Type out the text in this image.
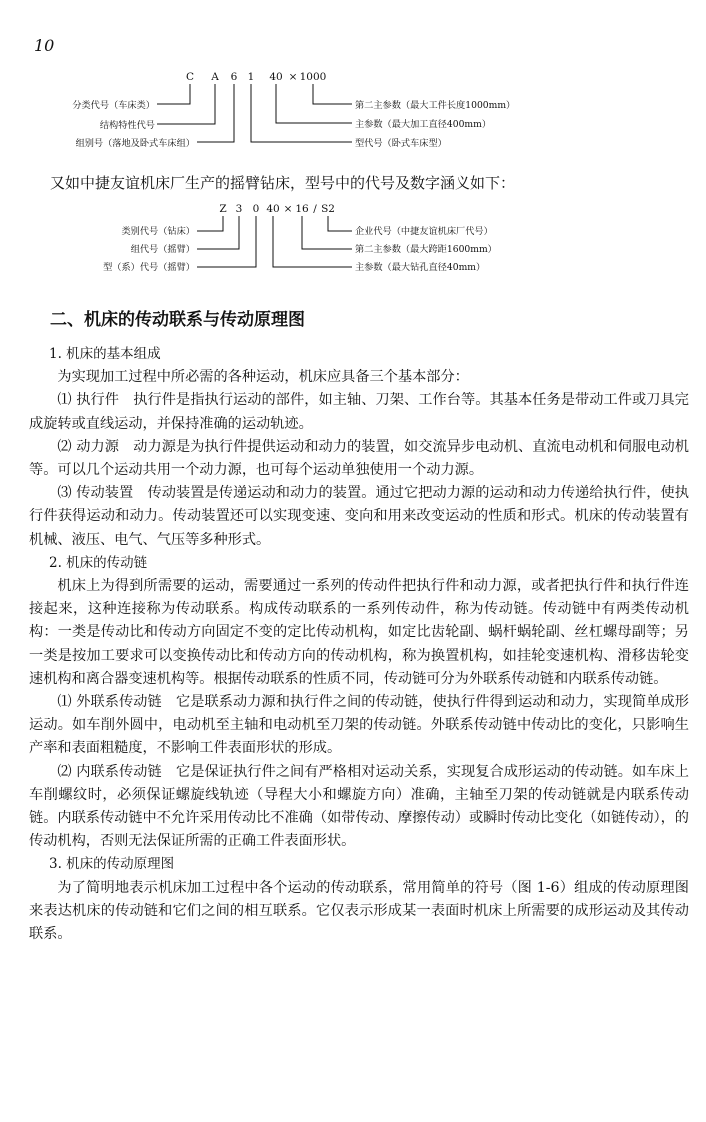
10
C A 6 1 40 × 1000
分类代号（车床类）
结构特性代号
组别号（落地及卧式车床组）
第二主参数（最大工件长度1000mm）
主参数（最大加工直径400mm）
型代号（卧式车床型）
又如中捷友谊机床厂生产的摇臂钻床，型号中的代号及数字涵义如下：
Z 3 0 40 × 16 / S2
类别代号（钻床）
组代号（摇臂）
型（系）代号（摇臂）
企业代号（中捷友谊机床厂代号）
第二主参数（最大跨距1600mm）
主参数（最大钻孔直径40mm）
二、机床的传动联系与传动原理图

1. 机床的基本组成

为实现加工过程中所必需的各种运动，机床应具备三个基本部分：

⑴ 执行件　执行件是指执行运动的部件，如主轴、刀架、工作台等。其基本任务是带动工件或刀具完成旋转或直线运动，并保持准确的运动轨迹。

⑵ 动力源　动力源是为执行件提供运动和动力的装置，如交流异步电动机、直流电动机和伺服电动机等。可以几个运动共用一个动力源，也可每个运动单独使用一个动力源。

⑶ 传动装置　传动装置是传递运动和动力的装置。通过它把动力源的运动和动力传递给执行件，使执行件获得运动和动力。传动装置还可以实现变速、变向和用来改变运动的性质和形式。机床的传动装置有机械、液压、电气、气压等多种形式。

2. 机床的传动链

机床上为得到所需要的运动，需要通过一系列的传动件把执行件和动力源，或者把执行件和执行件连接起来，这种连接称为传动联系。构成传动联系的一系列传动件，称为传动链。传动链中有两类传动机构：一类是传动比和传动方向固定不变的定比传动机构，如定比齿轮副、蜗杆蜗轮副、丝杠螺母副等；另一类是按加工要求可以变换传动比和传动方向的传动机构，称为换置机构，如挂轮变速机构、滑移齿轮变速机构和离合器变速机构等。根据传动联系的性质不同，传动链可分为外联系传动链和内联系传动链。

⑴ 外联系传动链　它是联系动力源和执行件之间的传动链，使执行件得到运动和动力，实现简单成形运动。如车削外圆中，电动机至主轴和电动机至刀架的传动链。外联系传动链中传动比的变化，只影响生产率和表面粗糙度，不影响工件表面形状的形成。

⑵ 内联系传动链　它是保证执行件之间有严格相对运动关系，实现复合成形运动的传动链。如车床上车削螺纹时，必须保证螺旋线轨迹（导程大小和螺旋方向）准确，主轴至刀架的传动链就是内联系传动链。内联系传动链中不允许采用传动比不准确（如带传动、摩擦传动）或瞬时传动比变化（如链传动），的传动机构，否则无法保证所需的正确工件表面形状。

3. 机床的传动原理图

为了简明地表示机床加工过程中各个运动的传动联系，常用简单的符号（图 1-6）组成的传动原理图来表达机床的传动链和它们之间的相互联系。它仅表示形成某一表面时机床上所需要的成形运动及其传动联系。
